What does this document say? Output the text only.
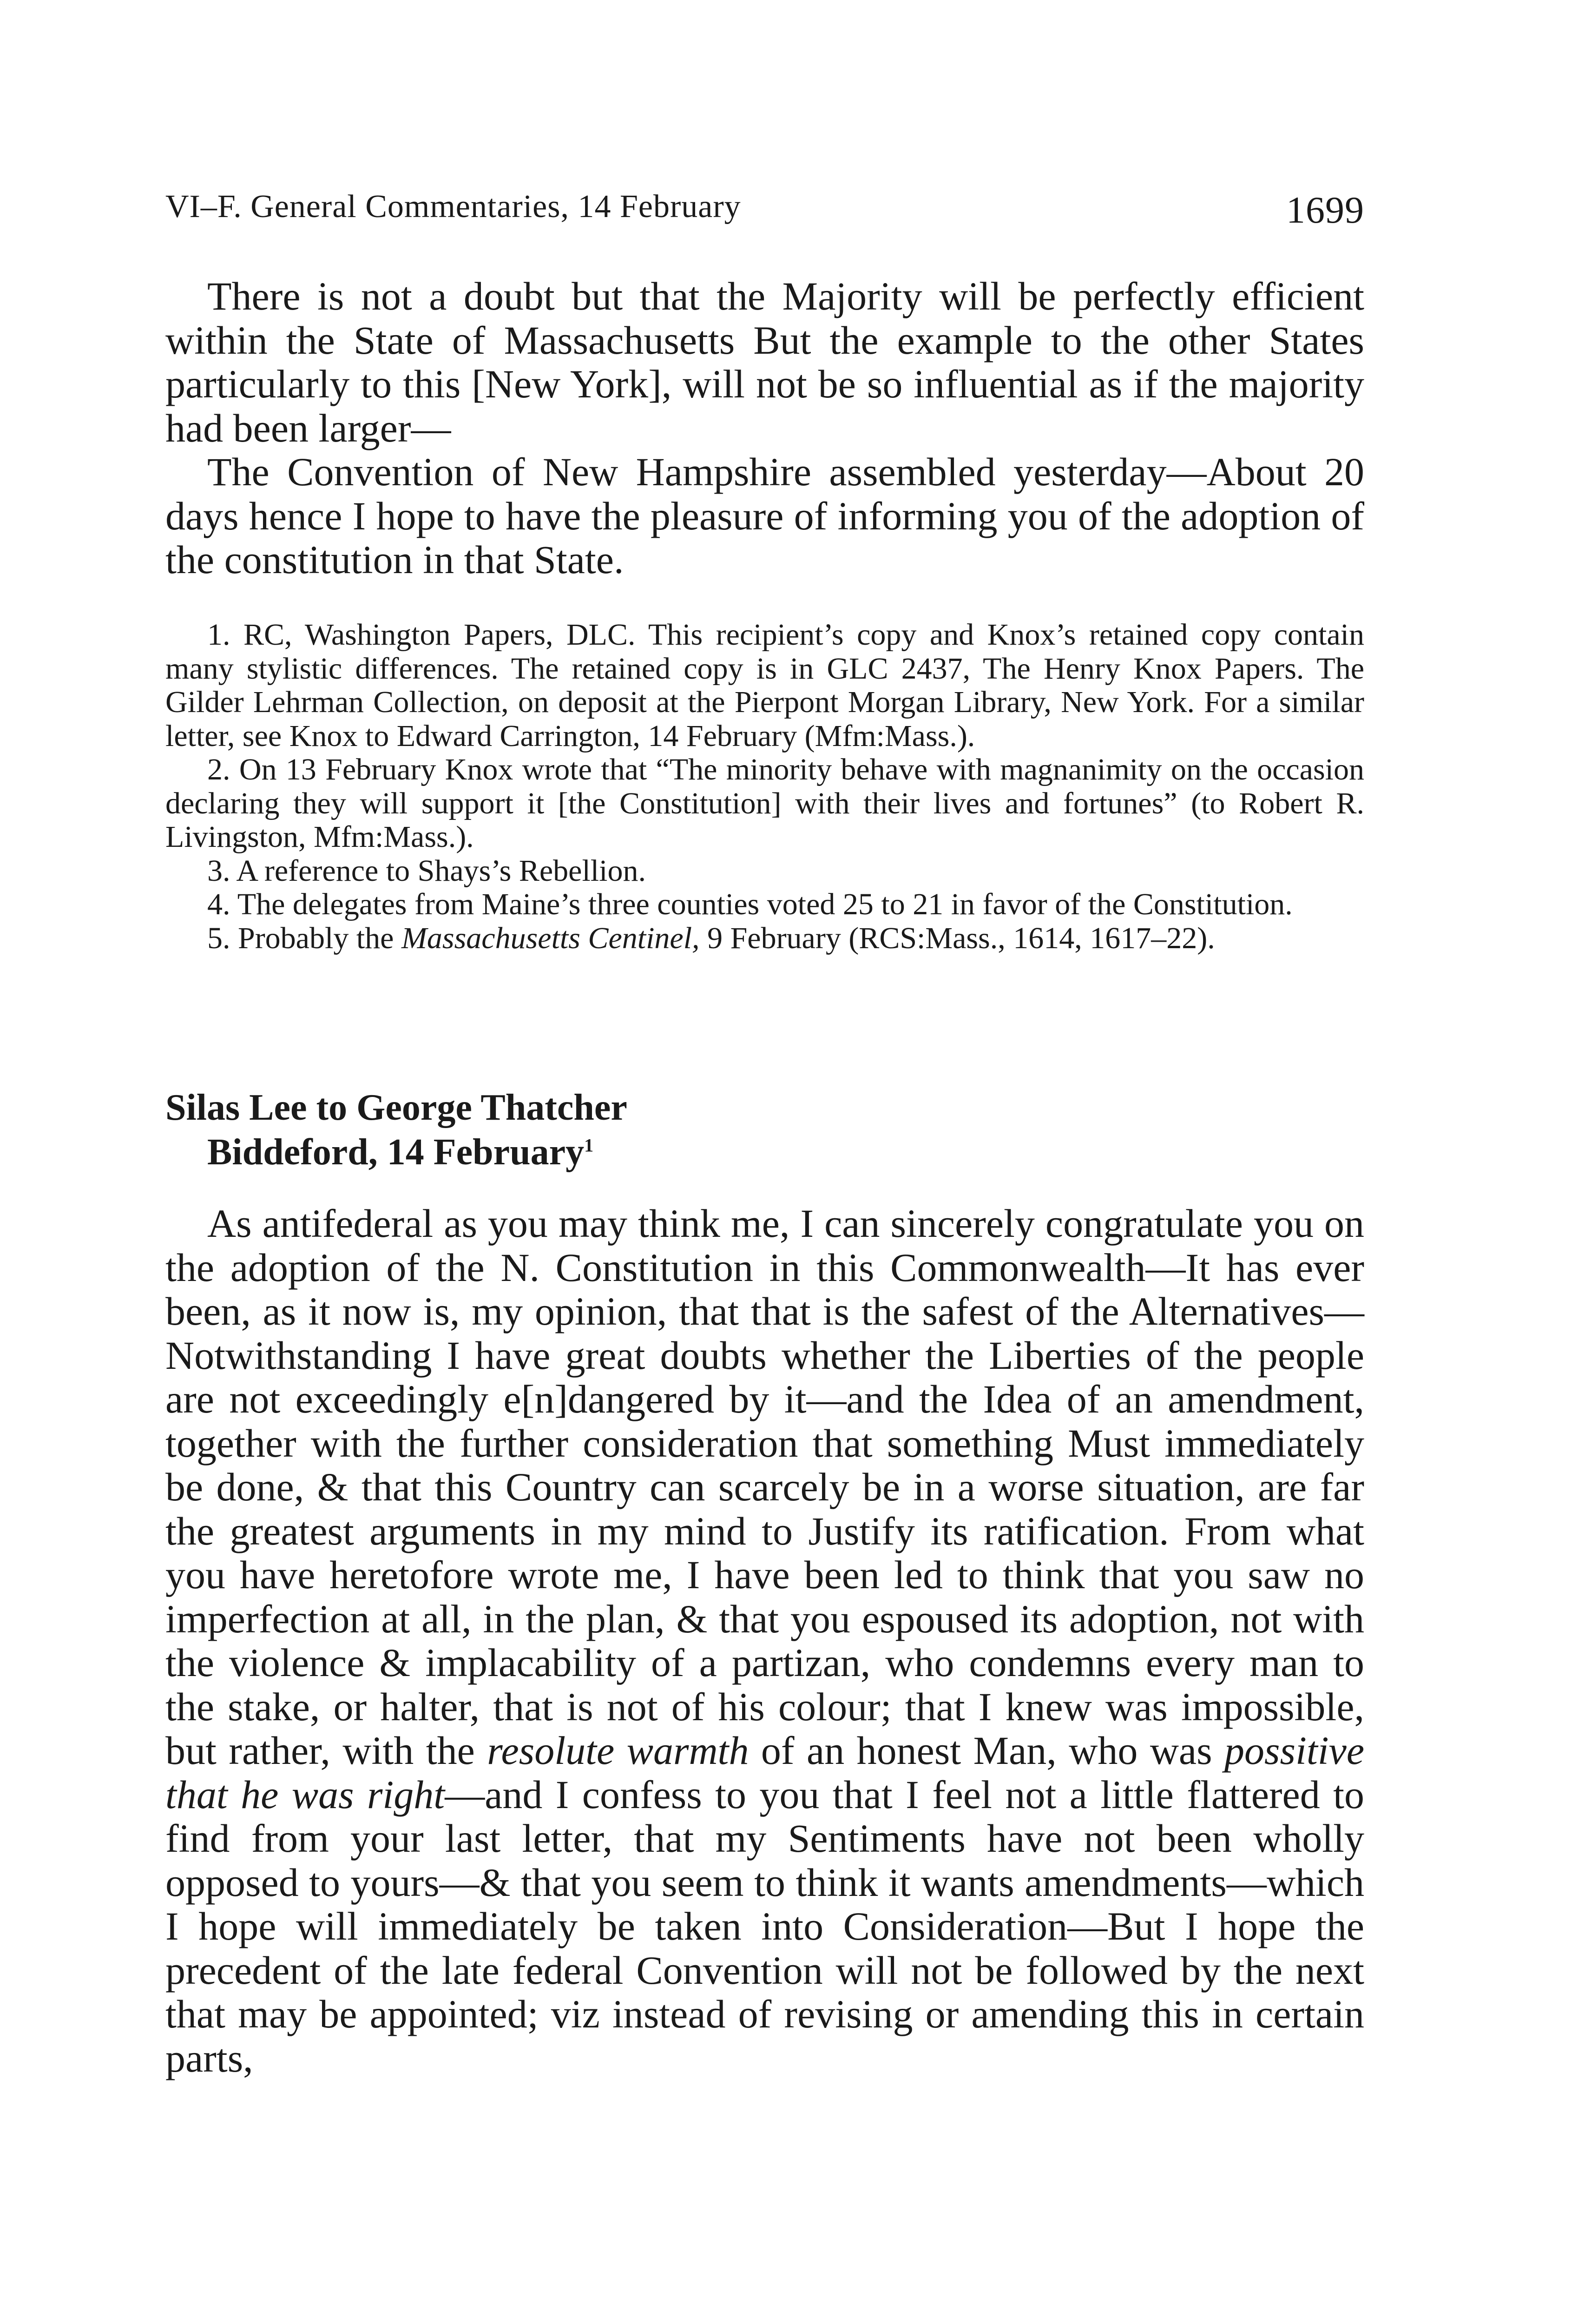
VI–F. General Commentaries, 14 February	1699

There is not a doubt but that the Majority will be perfectly efficient within the State of Massachusetts But the example to the other States particularly to this [New York], will not be so influential as if the majority had been larger—

The Convention of New Hampshire assembled yesterday—About 20 days hence I hope to have the pleasure of informing you of the adoption of the constitution in that State.

1. RC, Washington Papers, DLC. This recipient’s copy and Knox’s retained copy contain many stylistic differences. The retained copy is in GLC 2437, The Henry Knox Papers. The Gilder Lehrman Collection, on deposit at the Pierpont Morgan Library, New York. For a similar letter, see Knox to Edward Carrington, 14 February (Mfm:Mass.).

2. On 13 February Knox wrote that “The minority behave with magnanimity on the occasion declaring they will support it [the Constitution] with their lives and fortunes” (to Robert R. Livingston, Mfm:Mass.).

3. A reference to Shays’s Rebellion.

4. The delegates from Maine’s three counties voted 25 to 21 in favor of the Constitution.

5. Probably the Massachusetts Centinel, 9 February (RCS:Mass., 1614, 1617–22).

Silas Lee to George Thatcher
Biddeford, 14 February$^1$

As antifederal as you may think me, I can sincerely congratulate you on the adoption of the N. Constitution in this Commonwealth—It has ever been, as it now is, my opinion, that that is the safest of the Alternatives—Notwithstanding I have great doubts whether the Liberties of the people are not exceedingly e[n]dangered by it—and the Idea of an amendment, together with the further consideration that something Must immediately be done, & that this Country can scarcely be in a worse situation, are far the greatest arguments in my mind to Justify its ratification. From what you have heretofore wrote me, I have been led to think that you saw no imperfection at all, in the plan, & that you espoused its adoption, not with the violence & implacability of a partizan, who condemns every man to the stake, or halter, that is not of his colour; that I knew was impossible, but rather, with the resolute warmth of an honest Man, who was possitive that he was right—and I confess to you that I feel not a little flattered to find from your last letter, that my Sentiments have not been wholly opposed to yours—& that you seem to think it wants amendments—which I hope will immediately be taken into Consideration—But I hope the precedent of the late federal Convention will not be followed by the next that may be appointed; viz instead of revising or amending this in certain parts,
